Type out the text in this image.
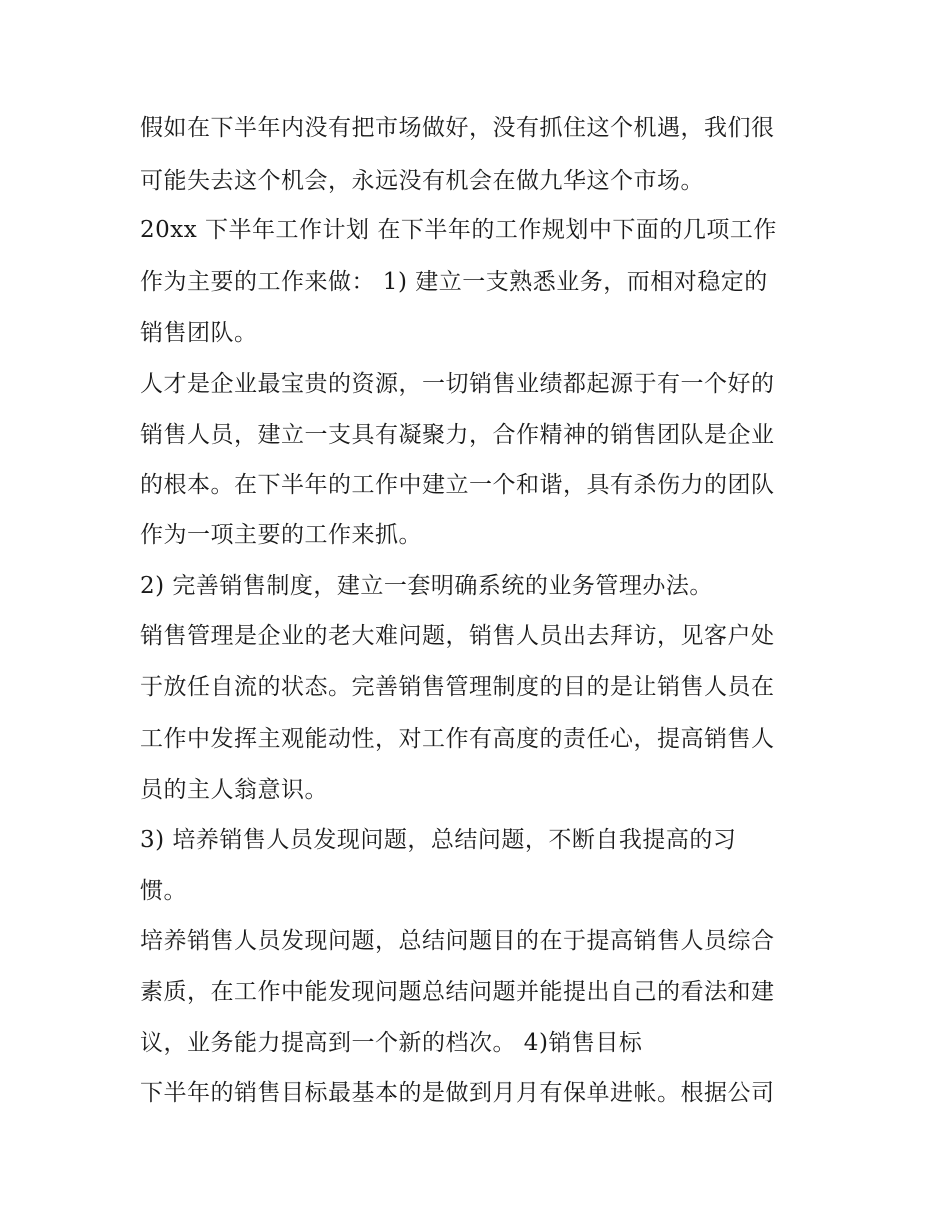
假如在下半年内没有把市场做好，没有抓住这个机遇，我们很
可能失去这个机会，永远没有机会在做九华这个市场。
20xx 下半年工作计划 在下半年的工作规划中下面的几项工作
作为主要的工作来做： 1) 建立一支熟悉业务，而相对稳定的
销售团队。
人才是企业最宝贵的资源，一切销售业绩都起源于有一个好的
销售人员，建立一支具有凝聚力，合作精神的销售团队是企业
的根本。在下半年的工作中建立一个和谐，具有杀伤力的团队
作为一项主要的工作来抓。
2) 完善销售制度，建立一套明确系统的业务管理办法。
销售管理是企业的老大难问题，销售人员出去拜访，见客户处
于放任自流的状态。完善销售管理制度的目的是让销售人员在
工作中发挥主观能动性，对工作有高度的责任心，提高销售人
员的主人翁意识。
3) 培养销售人员发现问题，总结问题，不断自我提高的习
惯。
培养销售人员发现问题，总结问题目的在于提高销售人员综合
素质，在工作中能发现问题总结问题并能提出自己的看法和建
议，业务能力提高到一个新的档次。 4)销售目标
下半年的销售目标最基本的是做到月月有保单进帐。根据公司
